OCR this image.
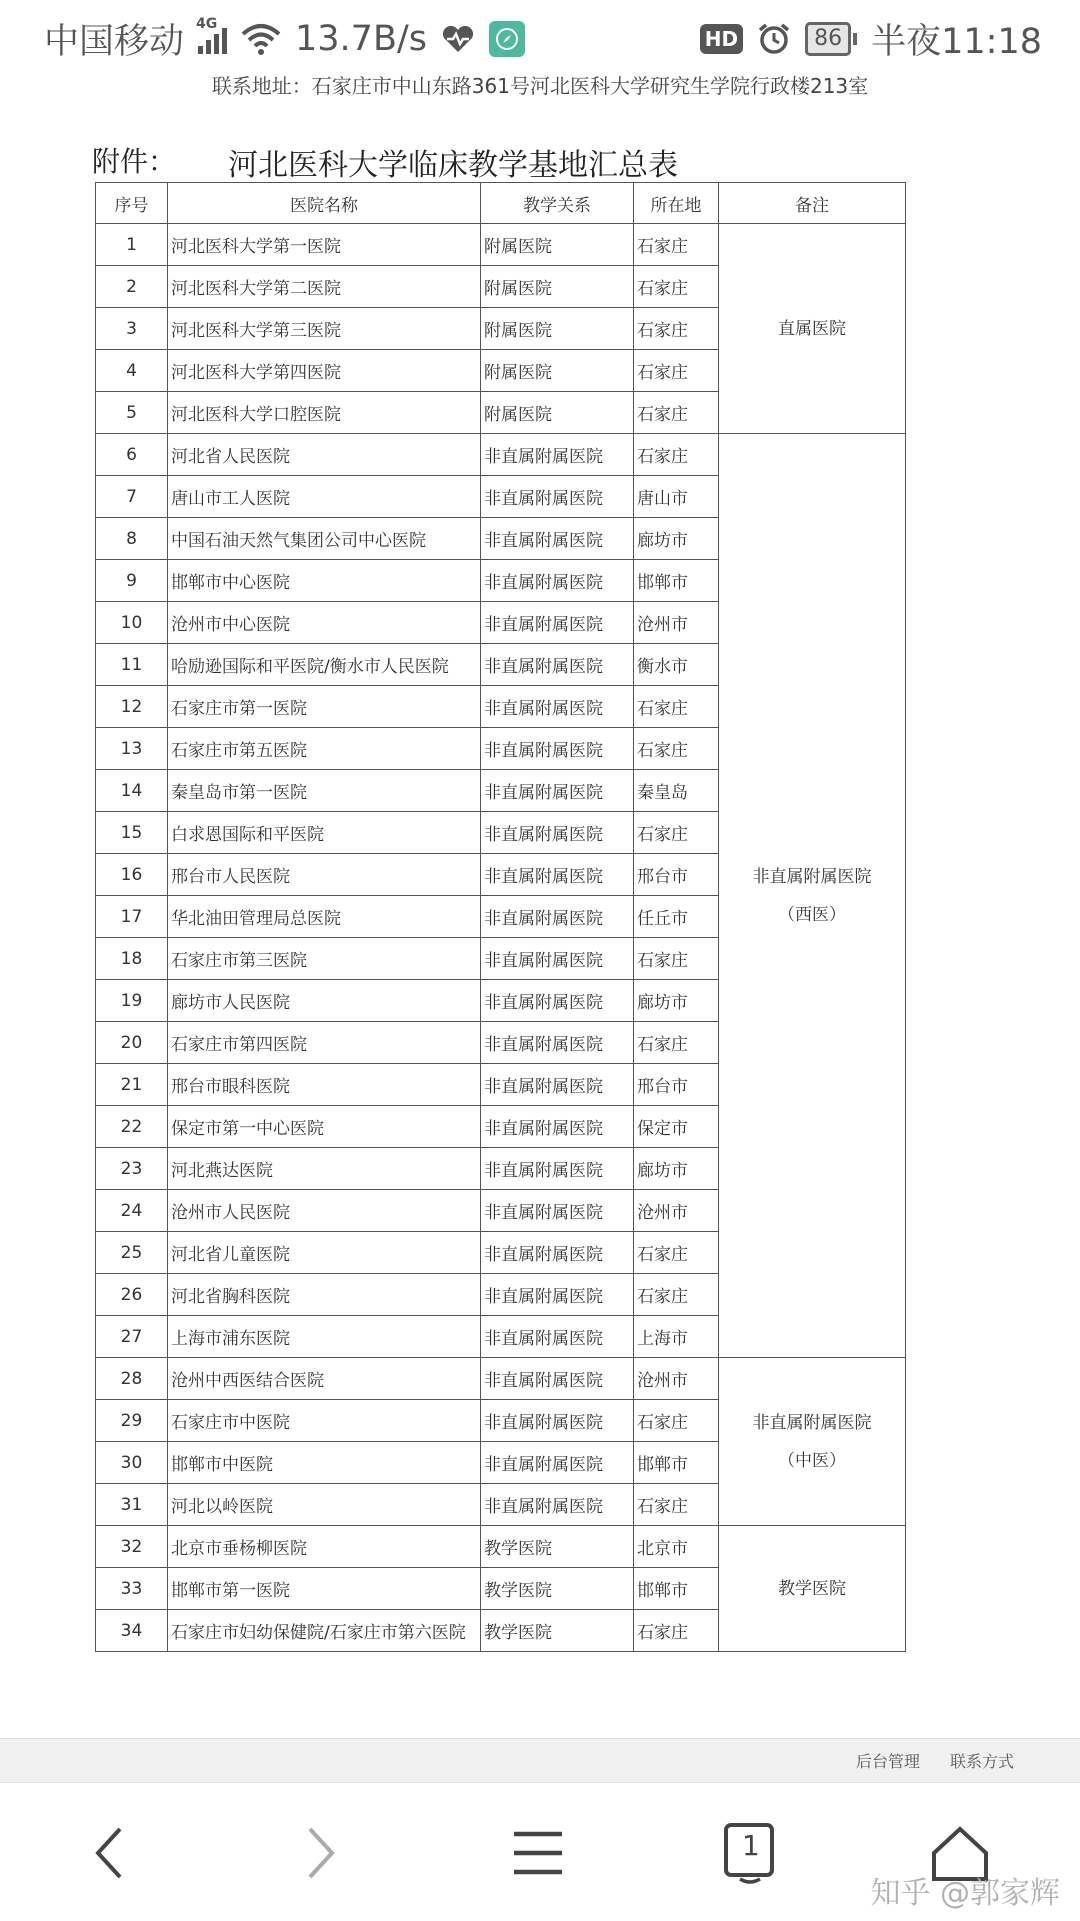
中国移动 4G 13.7B/s	HD	86 半夜11:18
联系地址：石家庄市中山东路361号河北医科大学研究生学院行政楼213室
附件： 河北医科大学临床教学基地汇总表
序号	医院名称	教学关系	所在地	备注
1	河北医科大学第一医院	附属医院	石家庄	直属医院

2	河北医科大学第二医院	附属医院	石家庄	
3	河北医科大学第三医院	附属医院	石家庄	
4	河北医科大学第四医院	附属医院	石家庄	
5	河北医科大学口腔医院	附属医院	石家庄	
6	河北省人民医院	非直属附属医院	石家庄	非直属附属医院
（西医）

7	唐山市工人医院	非直属附属医院	唐山市	
8	中国石油天然气集团公司中心医院	非直属附属医院	廊坊市	
9	邯郸市中心医院	非直属附属医院	邯郸市	
10	沧州市中心医院	非直属附属医院	沧州市	
11	哈励逊国际和平医院/衡水市人民医院	非直属附属医院	衡水市	
12	石家庄市第一医院	非直属附属医院	石家庄	
13	石家庄市第五医院	非直属附属医院	石家庄	
14	秦皇岛市第一医院	非直属附属医院	秦皇岛	
15	白求恩国际和平医院	非直属附属医院	石家庄	
16	邢台市人民医院	非直属附属医院	邢台市	
17	华北油田管理局总医院	非直属附属医院	任丘市	
18	石家庄市第三医院	非直属附属医院	石家庄	
19	廊坊市人民医院	非直属附属医院	廊坊市	
20	石家庄市第四医院	非直属附属医院	石家庄	
21	邢台市眼科医院	非直属附属医院	邢台市	
22	保定市第一中心医院	非直属附属医院	保定市	
23	河北燕达医院	非直属附属医院	廊坊市	
24	沧州市人民医院	非直属附属医院	沧州市	
25	河北省儿童医院	非直属附属医院	石家庄	
26	河北省胸科医院	非直属附属医院	石家庄	
27	上海市浦东医院	非直属附属医院	上海市	
28	沧州中西医结合医院	非直属附属医院	沧州市	非直属附属医院
（中医）

29	石家庄市中医院	非直属附属医院	石家庄	
30	邯郸市中医院	非直属附属医院	邯郸市	
31	河北以岭医院	非直属附属医院	石家庄	
32	北京市垂杨柳医院	教学医院	北京市	教学医院

33	邯郸市第一医院	教学医院	邯郸市	
34	石家庄市妇幼保健院/石家庄市第六医院	教学医院	石家庄	
后台管理 联系方式
1
知乎 @郭家辉
